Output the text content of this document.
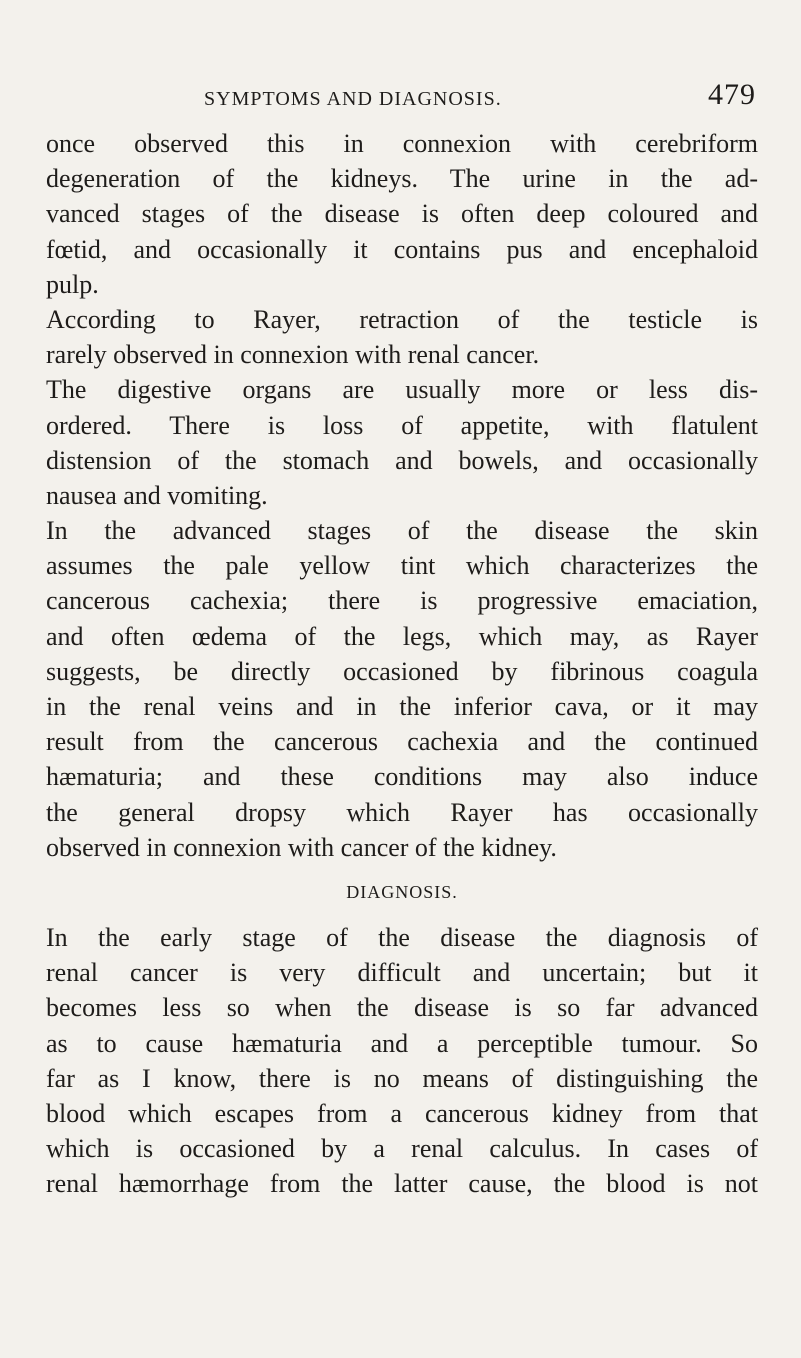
SYMPTOMS AND DIAGNOSIS.	479
once observed this in connexion with cerebriform
degeneration of the kidneys. The urine in the ad-
vanced stages of the disease is often deep coloured and
fœtid, and occasionally it contains pus and encephaloid
pulp.
According to Rayer, retraction of the testicle is
rarely observed in connexion with renal cancer.
The digestive organs are usually more or less dis-
ordered. There is loss of appetite, with flatulent
distension of the stomach and bowels, and occasionally
nausea and vomiting.
In the advanced stages of the disease the skin
assumes the pale yellow tint which characterizes the
cancerous cachexia; there is progressive emaciation,
and often œdema of the legs, which may, as Rayer
suggests, be directly occasioned by fibrinous coagula
in the renal veins and in the inferior cava, or it may
result from the cancerous cachexia and the continued
hæmaturia; and these conditions may also induce
the general dropsy which Rayer has occasionally
observed in connexion with cancer of the kidney.
DIAGNOSIS.
In the early stage of the disease the diagnosis of
renal cancer is very difficult and uncertain; but it
becomes less so when the disease is so far advanced
as to cause hæmaturia and a perceptible tumour. So
far as I know, there is no means of distinguishing the
blood which escapes from a cancerous kidney from that
which is occasioned by a renal calculus. In cases of
renal hæmorrhage from the latter cause, the blood is not
